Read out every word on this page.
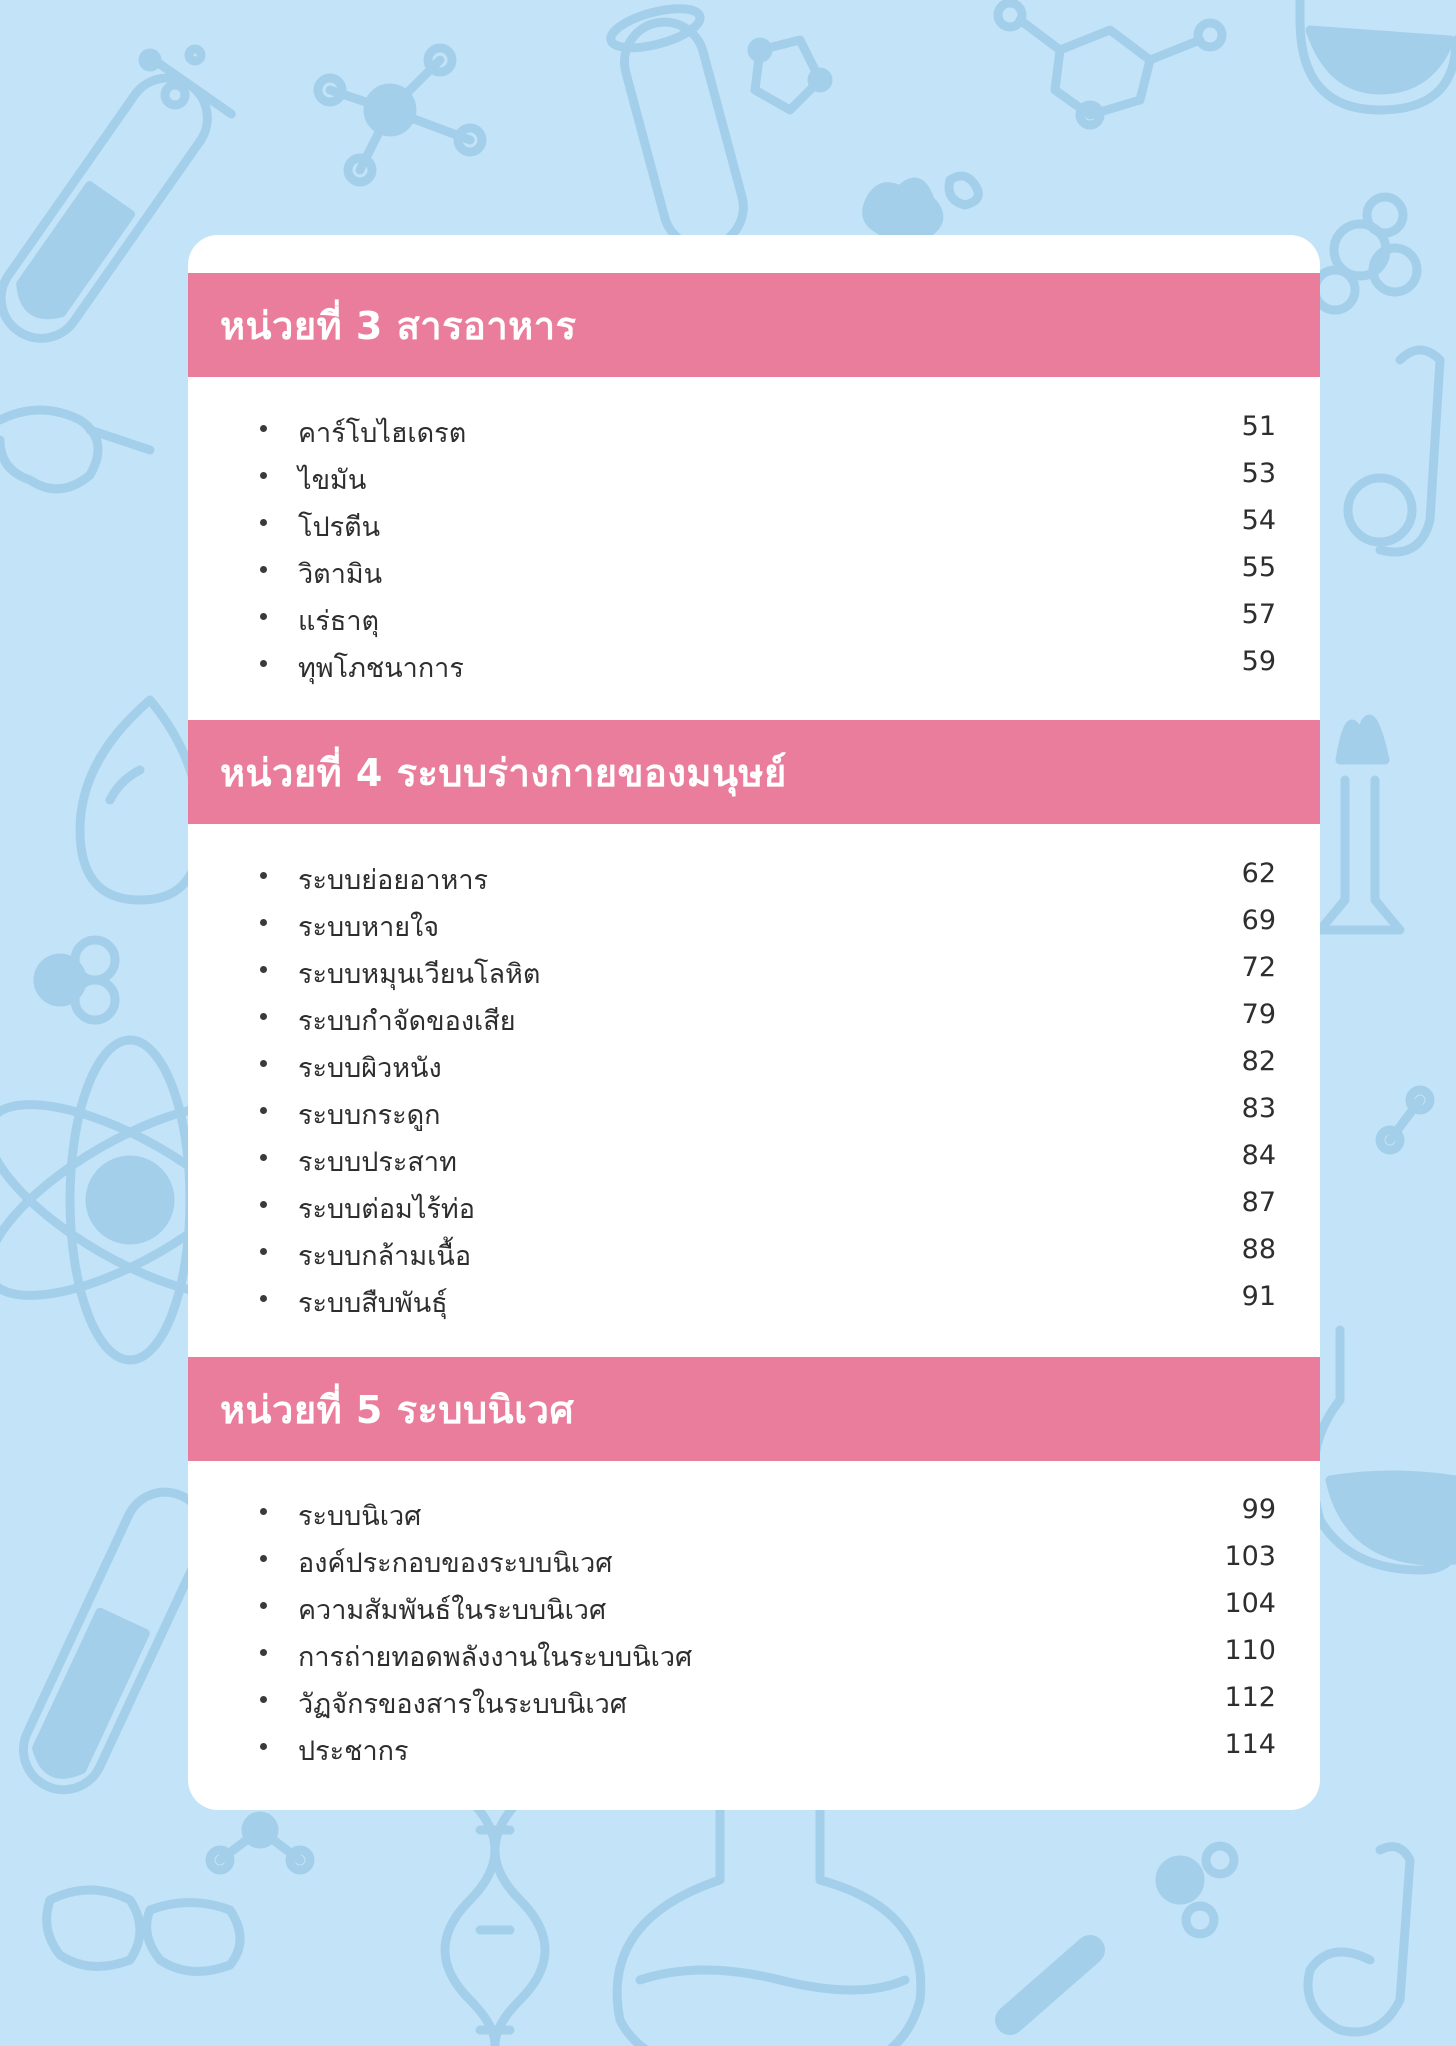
หน่วยที่ 3 สารอาหาร
คาร์โบไฮเดรต	51
ไขมัน	53
โปรตีน	54
วิตามิน	55
แร่ธาตุ	57
ทุพโภชนาการ	59
หน่วยที่ 4 ระบบร่างกายของมนุษย์
ระบบย่อยอาหาร	62
ระบบหายใจ	69
ระบบหมุนเวียนโลหิต	72
ระบบกำจัดของเสีย	79
ระบบผิวหนัง	82
ระบบกระดูก	83
ระบบประสาท	84
ระบบต่อมไร้ท่อ	87
ระบบกล้ามเนื้อ	88
ระบบสืบพันธุ์	91
หน่วยที่ 5 ระบบนิเวศ
ระบบนิเวศ	99
องค์ประกอบของระบบนิเวศ	103
ความสัมพันธ์ในระบบนิเวศ	104
การถ่ายทอดพลังงานในระบบนิเวศ	110
วัฏจักรของสารในระบบนิเวศ	112
ประชากร	114
